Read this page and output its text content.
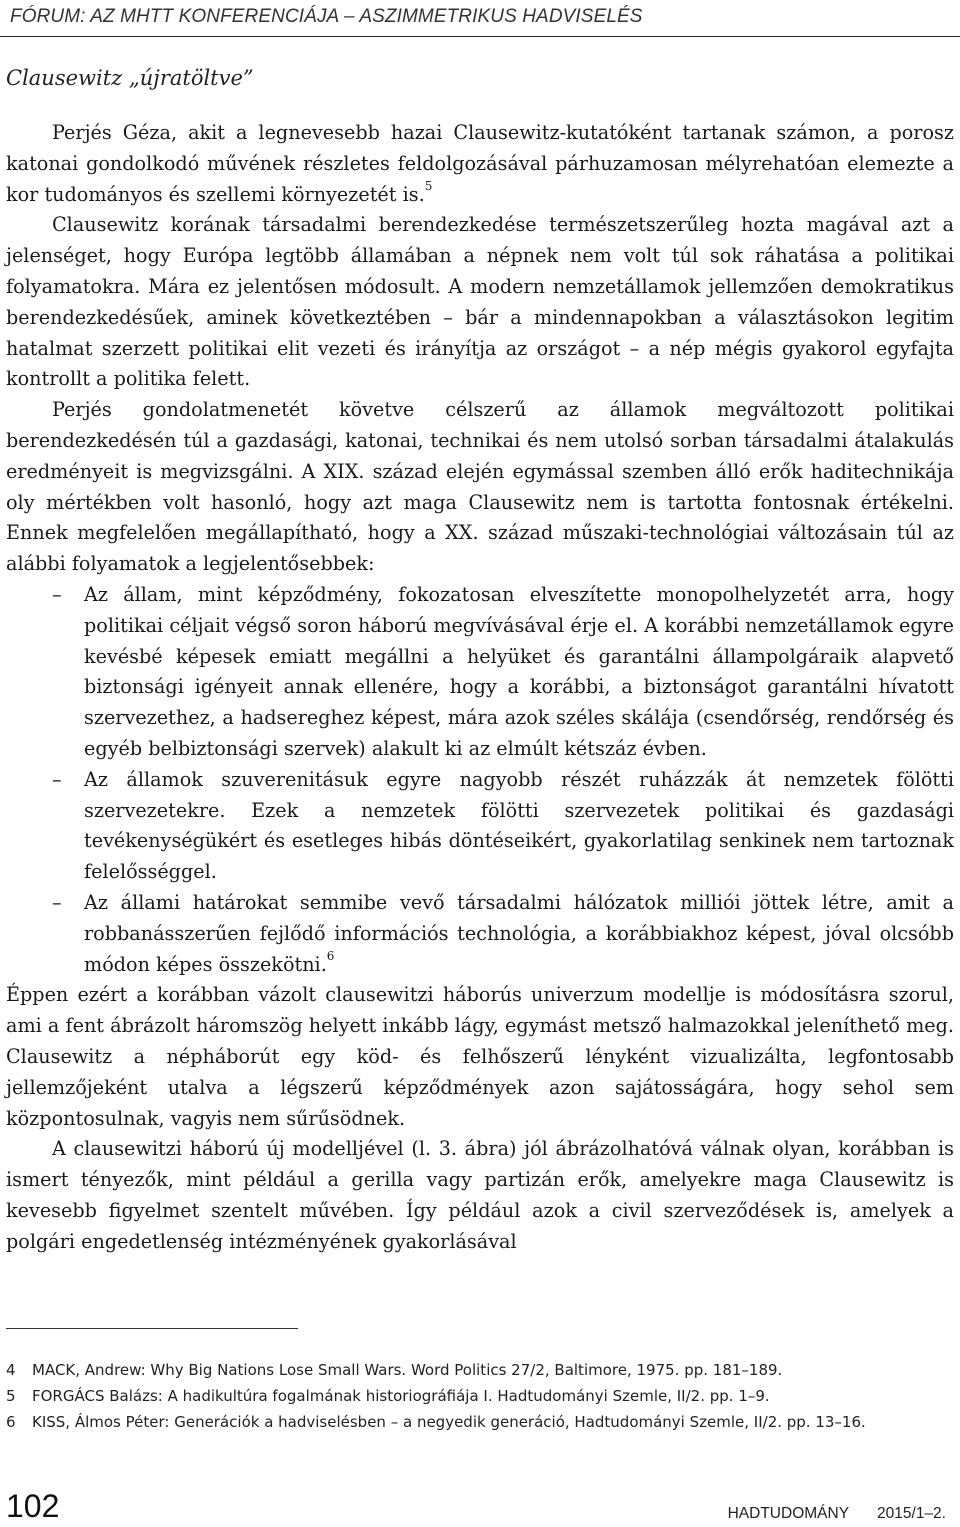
FÓRUM: AZ MHTT KONFERENCIÁJA – ASZIMMETRIKUS HADVISELÉS
Clausewitz „újratöltve”

Perjés Géza, akit a legnevesebb hazai Clausewitz-kutatóként tartanak számon, a porosz katonai gondolkodó művének részletes feldolgozásával párhuzamosan mélyrehatóan elemezte a kor tudományos és szellemi környezetét is.$^5$

Clausewitz korának társadalmi berendezkedése természetszerűleg hozta magával azt a jelenséget, hogy Európa legtöbb államában a népnek nem volt túl sok ráhatása a politikai folyamatokra. Mára ez jelentősen módosult. A modern nemzetállamok jellemzően demokratikus berendezkedésűek, aminek következtében – bár a mindennapokban a választásokon legitim hatalmat szerzett politikai elit vezeti és irányítja az országot – a nép mégis gyakorol egyfajta kontrollt a politika felett.

Perjés gondolatmenetét követve célszerű az államok megváltozott politikai berendezkedésén túl a gazdasági, katonai, technikai és nem utolsó sorban társadalmi átalakulás eredményeit is megvizsgálni. A XIX. század elején egymással szemben álló erők haditechnikája oly mértékben volt hasonló, hogy azt maga Clausewitz nem is tartotta fontosnak értékelni. Ennek megfelelően megállapítható, hogy a XX. század műszaki-technológiai változásain túl az alábbi folyamatok a legjelentősebbek:

– Az állam, mint képződmény, fokozatosan elveszítette monopolhelyzetét arra, hogy politikai céljait végső soron háború megvívásával érje el. A korábbi nemzetállamok egyre kevésbé képesek emiatt megállni a helyüket és garantálni állampolgáraik alapvető biztonsági igényeit annak ellenére, hogy a korábbi, a biztonságot garantálni hívatott szervezethez, a hadsereghez képest, mára azok széles skálája (csendőrség, rendőrség és egyéb belbiztonsági szervek) alakult ki az elmúlt kétszáz évben.
– Az államok szuverenitásuk egyre nagyobb részét ruházzák át nemzetek fölötti szervezetekre. Ezek a nemzetek fölötti szervezetek politikai és gazdasági tevékenységükért és esetleges hibás döntéseikért, gyakorlatilag senkinek nem tartoznak felelősséggel.
– Az állami határokat semmibe vevő társadalmi hálózatok milliói jöttek létre, amit a robbanásszerűen fejlődő információs technológia, a korábbiakhoz képest, jóval olcsóbb módon képes összekötni.$^6$

Éppen ezért a korábban vázolt clausewitzi háborús univerzum modellje is módosításra szorul, ami a fent ábrázolt háromszög helyett inkább lágy, egymást metsző halmazokkal jeleníthető meg. Clausewitz a népháborút egy köd- és felhőszerű lényként vizualizálta, legfontosabb jellemzőjeként utalva a légszerű képződmények azon sajátosságára, hogy sehol sem központosulnak, vagyis nem sűrűsödnek.

A clausewitzi háború új modelljével (l. 3. ábra) jól ábrázolhatóvá válnak olyan, korábban is ismert tényezők, mint például a gerilla vagy partizán erők, amelyekre maga Clausewitz is kevesebb figyelmet szentelt művében. Így például azok a civil szerveződések is, amelyek a polgári engedetlenség intézményének gyakorlásával

4 MACK, Andrew: Why Big Nations Lose Small Wars. Word Politics 27/2, Baltimore, 1975. pp. 181–189.
5 FORGÁCS Balázs: A hadikultúra fogalmának historiográfiája I. Hadtudományi Szemle, II/2. pp. 1–9.
6 KISS, Álmos Péter: Generációk a hadviselésben – a negyedik generáció, Hadtudományi Szemle, II/2. pp. 13–16.
102	HADTUDOMÁNY 2015/1–2.
